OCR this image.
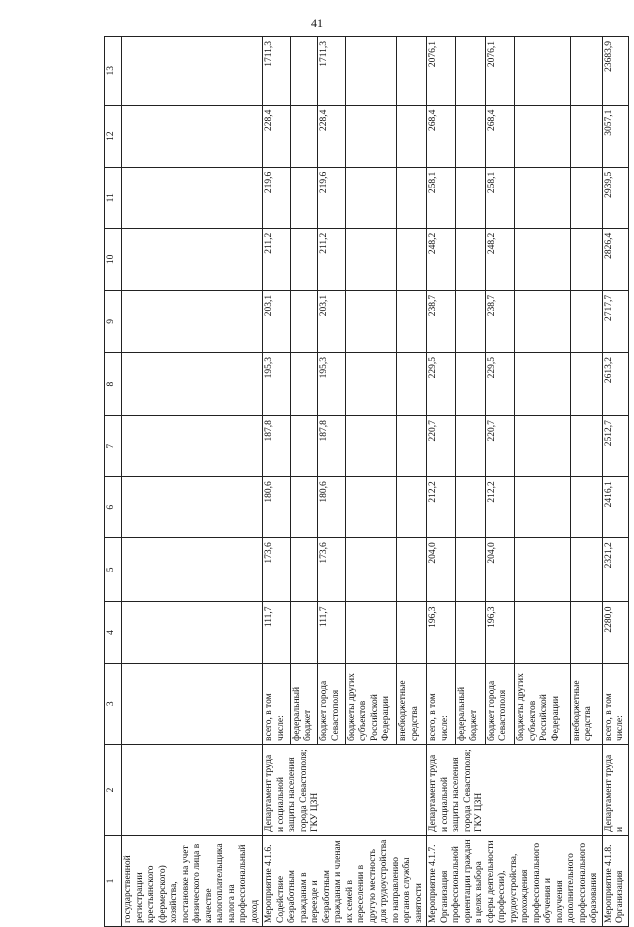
41
1	2	3	4	5	6	7	8	9	10	11	12	13
государственной регистрации крестьянского (фермерского) хозяйства, постановке на учет физического лица в качестве налогоплательщика налога на профессиональный доход												
Мероприятие 4.1.6. Содействие безработным гражданам в переезде и безработным гражданам и членам их семей в переселении в другую местность для трудоустройства по направлению органов службы занятости	Департамент труда и социальной защиты населения города Севастополя; ГКУ ЦЗН	всего, в том числе:	111,7	173,6	180,6	187,8	195,3	203,1	211,2	219,6	228,4	1711,3
		федеральный бюджет										
		бюджет города Севастополя	111,7	173,6	180,6	187,8	195,3	203,1	211,2	219,6	228,4	1711,3
		бюджеты других субъектов Российской Федерации										
		внебюджетные средства										
Мероприятие 4.1.7. Организация профессиональной ориентации граждан в целях выбора сферы деятельности (профессии), трудоустройства, прохождения профессионального обучения и получения дополнительного профессионального образования	Департамент труда и социальной защиты населения города Севастополя; ГКУ ЦЗН	всего, в том числе:	196,3	204,0	212,2	220,7	229,5	238,7	248,2	258,1	268,4	2076,1
		федеральный бюджет										
		бюджет города Севастополя	196,3	204,0	212,2	220,7	229,5	238,7	248,2	258,1	268,4	2076,1
		бюджеты других субъектов Российской Федерации										
		внебюджетные средства										
Мероприятие 4.1.8. Организация	Департамент труда и	всего, в том числе:	2280,0	2321,2	2416,1	2512,7	2613,2	2717,7	2826,4	2939,5	3057,1	23683,9
